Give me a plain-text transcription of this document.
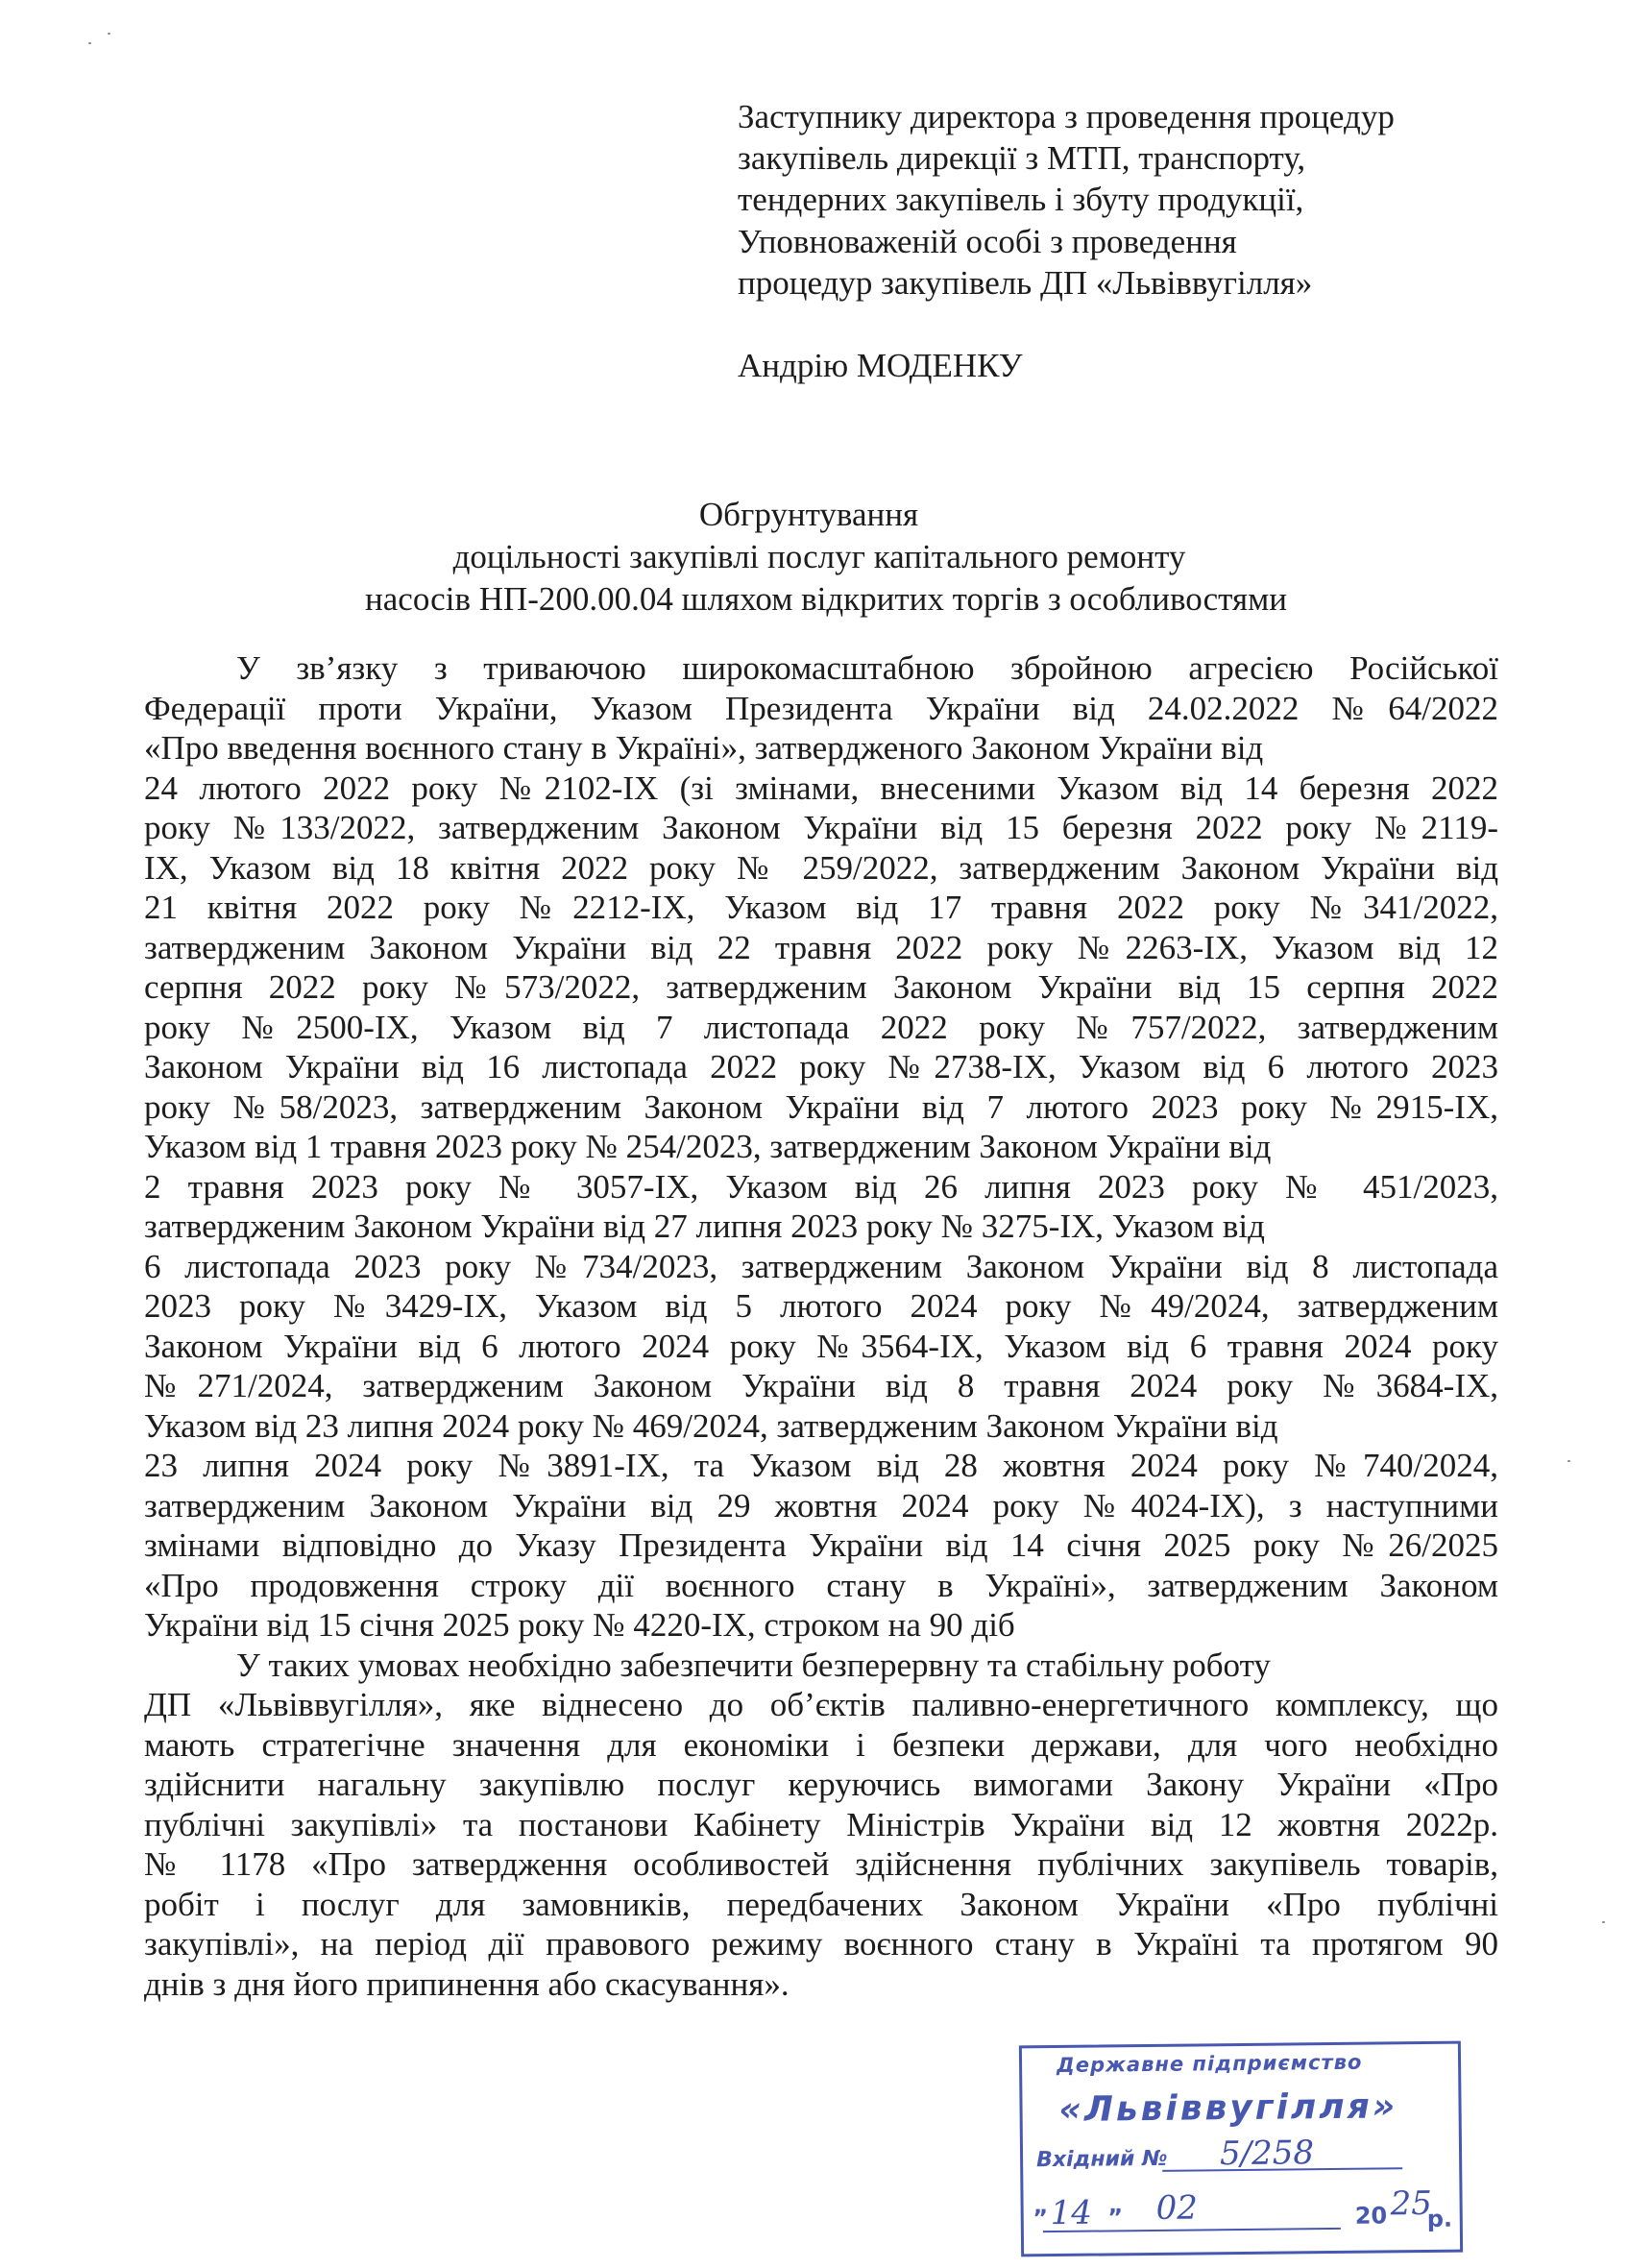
Заступнику директора з проведення процедур
закупівель дирекції з МТП, транспорту,
тендерних закупівель і збуту продукції,
Уповноваженій особі з проведення
процедур закупівель ДП «Львіввугілля»
Андрію МОДЕНКУ
Обгрунтування
доцільності закупівлі послуг капітального ремонту
насосів НП-200.00.04 шляхом відкритих торгів з особливостями
У зв’язку з триваючою широкомасштабною збройною агресією Російської
Федерації проти України, Указом Президента України від 24.02.2022 №64/2022
«Про введення воєнного стану в Україні», затвердженого Законом України від
24 лютого 2022 року №2102-IX (зі змінами, внесеними Указом від 14 березня 2022
року №133/2022, затвердженим Законом України від 15 березня 2022 року №2119-
IX, Указом від 18 квітня 2022 року № 259/2022, затвердженим Законом України від
21 квітня 2022 року №2212-IX, Указом від 17 травня 2022 року №341/2022,
затвердженим Законом України від 22 травня 2022 року №2263-IX, Указом від 12
серпня 2022 року №573/2022, затвердженим Законом України від 15 серпня 2022
року №2500-IX, Указом від 7 листопада 2022 року №757/2022, затвердженим
Законом України від 16 листопада 2022 року №2738-IX, Указом від 6 лютого 2023
року №58/2023, затвердженим Законом України від 7 лютого 2023 року №2915-IX,
Указом від 1 травня 2023 року № 254/2023, затвердженим Законом України від
2 травня 2023 року № 3057-IX, Указом від 26 липня 2023 року № 451/2023,
затвердженим Законом України від 27 липня 2023 року № 3275-IX, Указом від
6 листопада 2023 року №734/2023, затвердженим Законом України від 8 листопада
2023 року №3429-IX, Указом від 5 лютого 2024 року №49/2024, затвердженим
Законом України від 6 лютого 2024 року №3564-IX, Указом від 6 травня 2024 року
№271/2024, затвердженим Законом України від 8 травня 2024 року №3684-IX,
Указом від 23 липня 2024 року № 469/2024, затвердженим Законом України від
23 липня 2024 року №3891-IX, та Указом від 28 жовтня 2024 року №740/2024,
затвердженим Законом України від 29 жовтня 2024 року №4024-IX), з наступними
змінами відповідно до Указу Президента України від 14 січня 2025 року №26/2025
«Про продовження строку дії воєнного стану в Україні», затвердженим Законом
України від 15 січня 2025 року № 4220-IX, строком на 90 діб
У таких умовах необхідно забезпечити безперервну та стабільну роботу
ДП «Львіввугілля», яке віднесено до об’єктів паливно-енергетичного комплексу, що
мають стратегічне значення для економіки і безпеки держави, для чого необхідно
здійснити нагальну закупівлю послуг керуючись вимогами Закону України «Про
публічні закупівлі» та постанови Кабінету Міністрів України від 12 жовтня 2022р.
№ 1178 «Про затвердження особливостей здійснення публічних закупівель товарів,
робіт і послуг для замовників, передбачених Законом України «Про публічні
закупівлі», на період дії правового режиму воєнного стану в Україні та протягом 90
днів з дня його припинення або скасування».
Державне підприємство
«Львіввугілля»
Вхідний № 5/258
„ 14 „ 02	20 25
р.
